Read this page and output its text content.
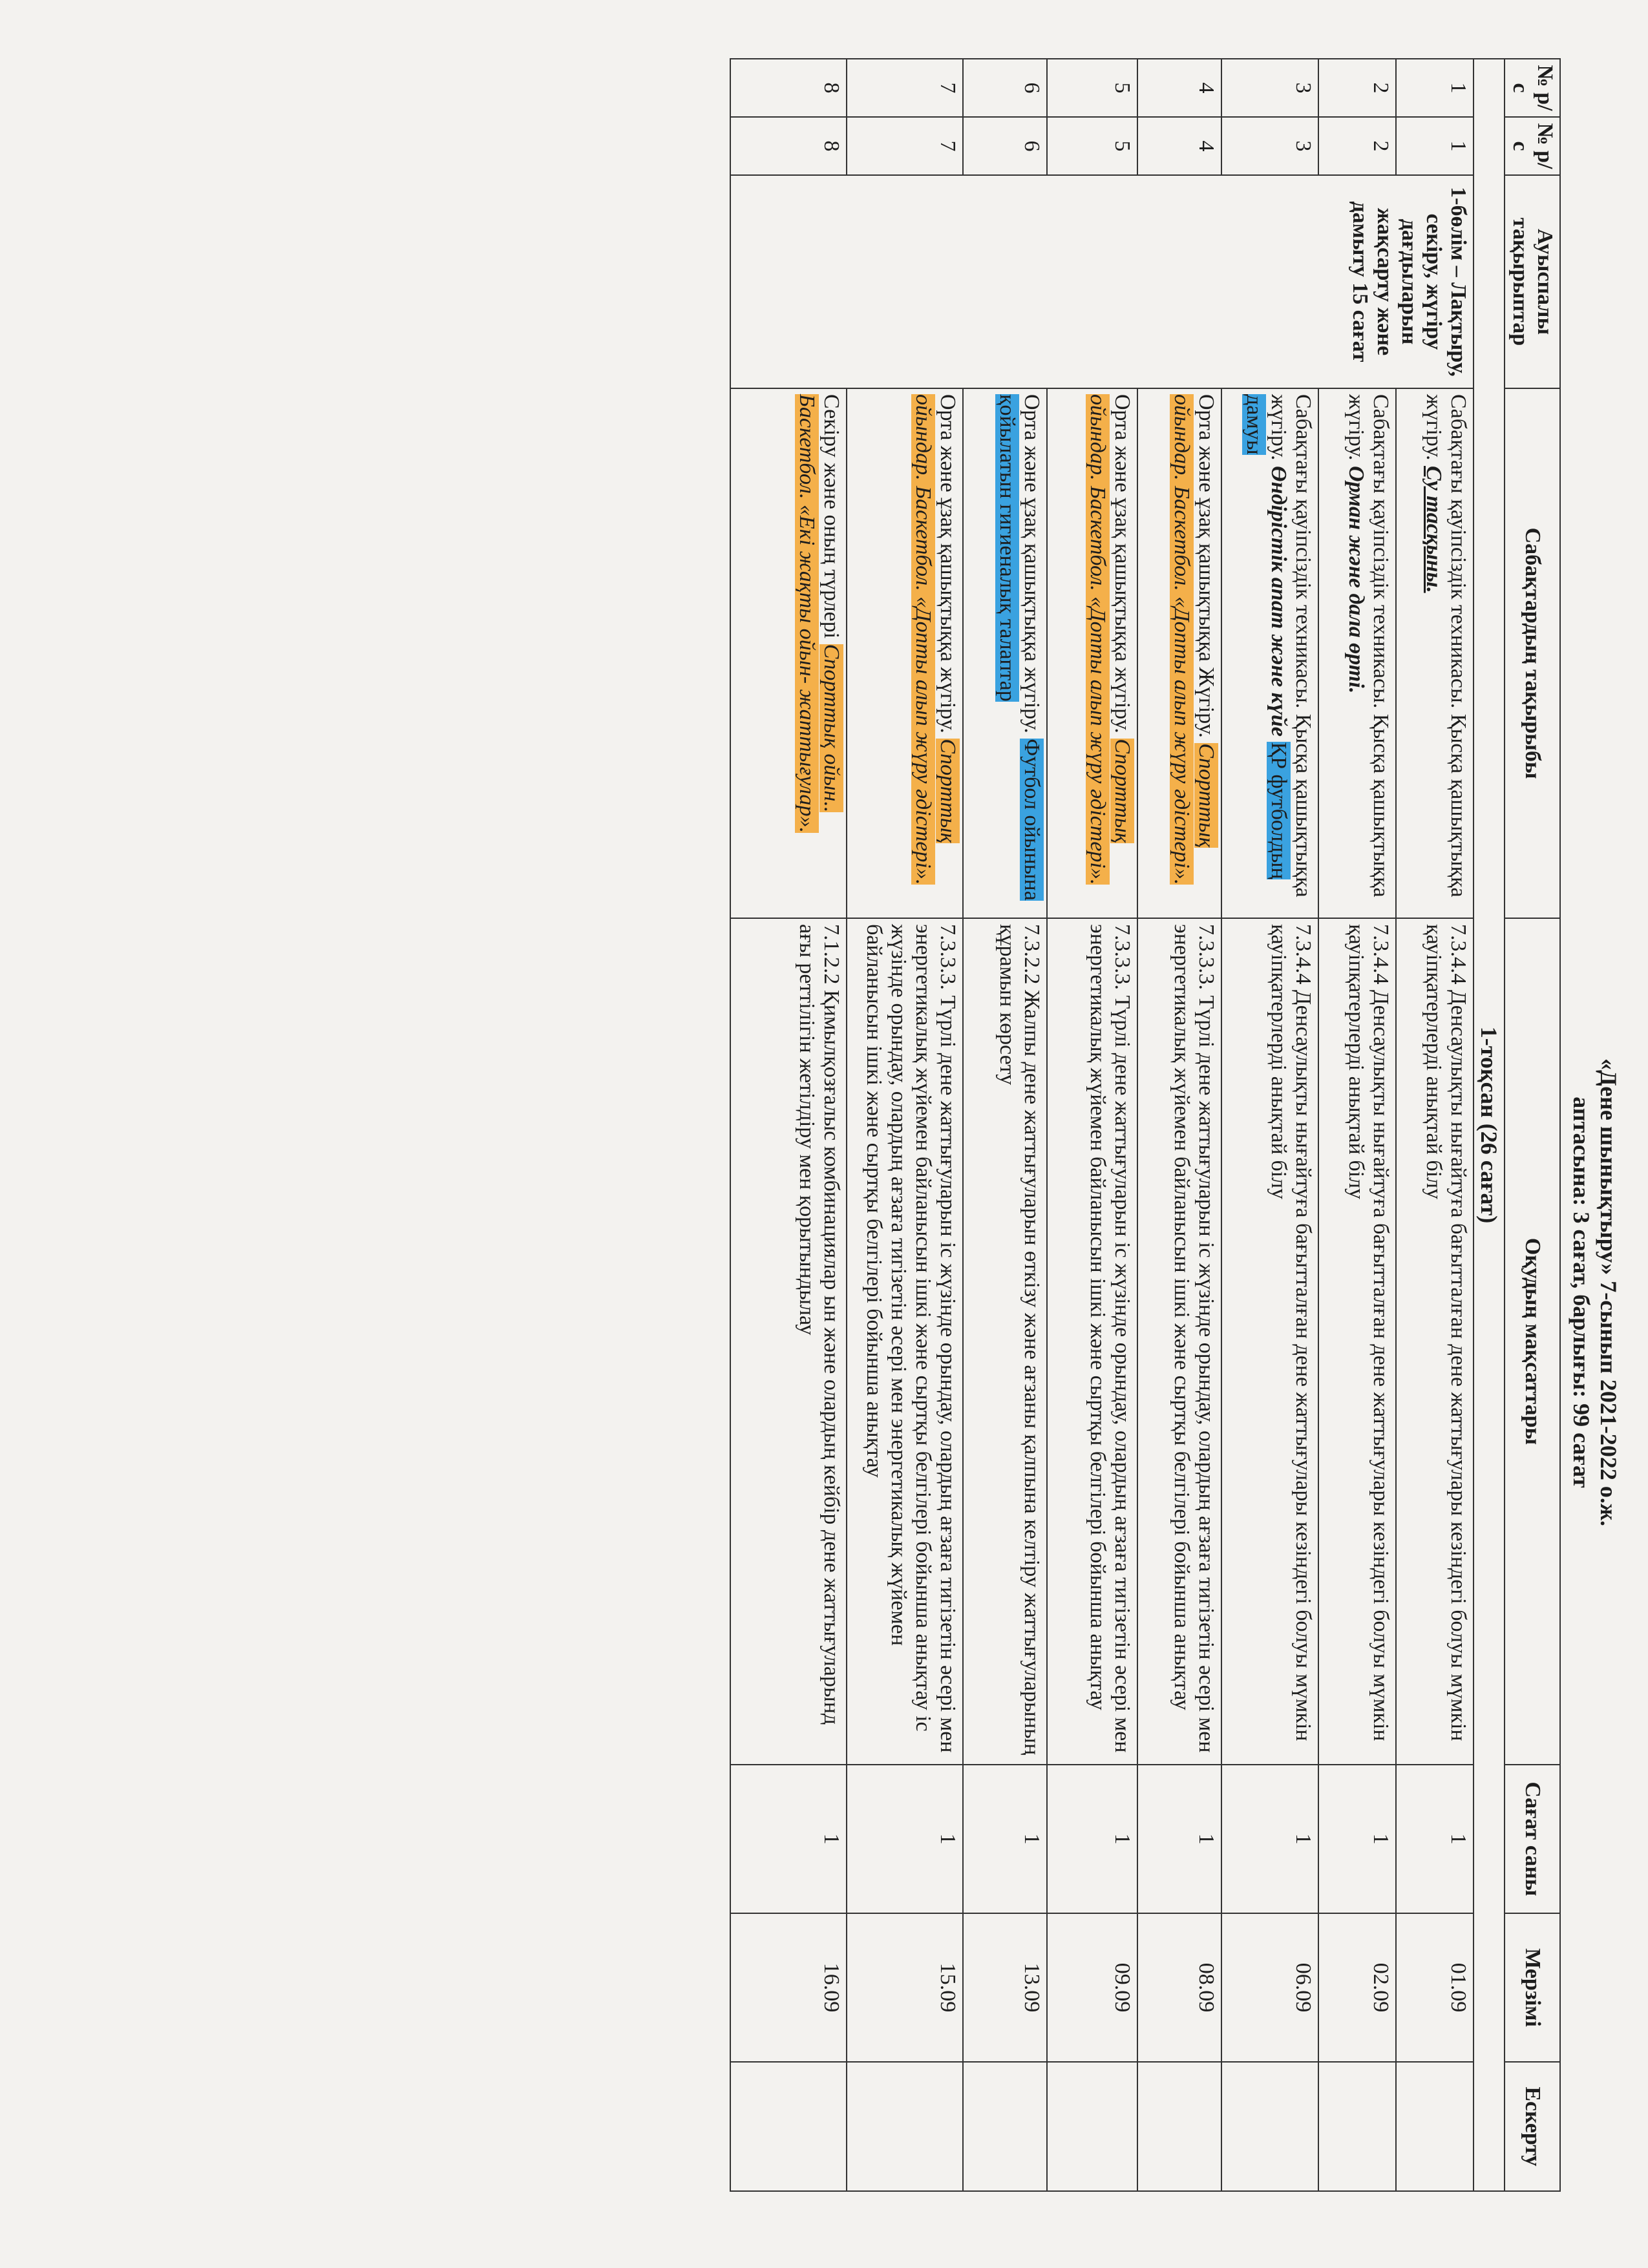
«Дене шынықтыру» 7-сынып 2021-2022 о.ж.
аптасына: 3 сағат, барлығы: 99 сағат
№ р/с	№ р/с	Ауыспалы тақырыптар	Сабақтардың тақырыбы	Оқудың мақсаттары	Сағат саны	Мерзімі	Ескерту
1-тоқсан (26 сағат)							
1	1	1-бөлім – Лақтыру, секіру, жүгіру дағдыларын жақсарту және дамыту 15 сағат	Сабақтағы қауіпсіздік техникасы. Қысқа қашықтыққа жүгіру. Су тасқыны.	7.3.4.4 Денсаулықты нығайтуға бағытталған дене жаттығулары кезіндегі болуы мүмкін қауіпқатерлерді анықтай білу	1	01.09	
2	2		Сабақтағы қауіпсіздік техникасы. Қысқа қашықтыққа жүгіру. Орман және дала өрті.	7.3.4.4 Денсаулықты нығайтуға бағытталған дене жаттығулары кезіндегі болуы мүмкін қауіпқатерлерді анықтай білу	1	02.09	
3	3		Сабақтағы қауіпсіздік техникасы. Қысқа қашықтыққа жүгіру. Өндірістік апат және күйе ҚР футболдың дамуы	7.3.4.4 Денсаулықты нығайтуға бағытталған дене жаттығулары кезіндегі болуы мүмкін қауіпқатерлерді анықтай білу	1	06.09	
4	4		Орта және ұзақ қашықтыққа Жүгіру. Спорттық ойындар. Баскетбол. «Допты алып жүру әдістері».	7.3.3.3. Түрлі дене жаттығуларын іс жүзінде орындау, олардың ағзаға тигізетін әсері мен энергетикалық жүйемен байланысын ішкі және сыртқы белгілері бойынша анықтау	1	08.09	
5	5		Орта және ұзақ қашықтыққа жүгіру. Спорттық ойындар. Баскетбол. «Допты алып жүру әдістері».	7.3.3.3. Түрлі дене жаттығуларын іс жүзінде орындау, олардың ағзаға тигізетін әсері мен энергетикалық жүйемен байланысын ішкі және сыртқы белгілері бойынша анықтау	1	09.09	
6	6		Орта және ұзақ қашықтыққа жүгіру. Футбол ойынына қойылатын гигиеналық талаптар	7.3.2.2 Жалпы дене жаттығуларын өткізу және ағзаны қалпына келтіру жаттығуларының құрамын көрсету	1	13.09	
7	7		Орта және ұзақ қашықтыққа жүгіру. Спорттық ойындар. Баскетбол. «Допты алып жүру әдістері».	7.3.3.3. Түрлі дене жаттығуларын іс жүзінде орындау, олардың ағзаға тигізетін әсері мен энергетикалық жүйемен байланысын ішкі және сыртқы белгілері бойынша анықтау іс жүзінде орындау, олардың ағзаға тигізетін әсері мен энергетикалық жүйемен байланысын ішкі және сыртқы белгілері бойынша анықтау	1	15.09	
8	8		Секіру және оның түрлері Спорттық ойын.. Баскетбол. «Екі жақты ойын- жаттығулар».	7.1.2.2 Қимылқозғалыс комбинациялар ын және олардың кейбір дене жаттығуларынд ағы реттілігін жетілдіру мен қорытындылау	1	16.09	
